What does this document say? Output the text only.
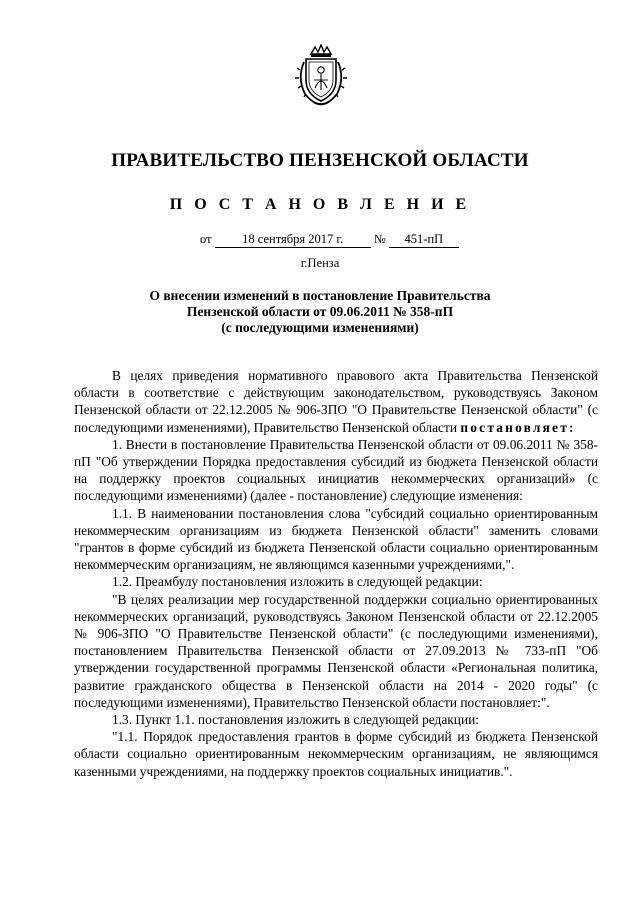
ПРАВИТЕЛЬСТВО ПЕНЗЕНСКОЙ ОБЛАСТИ
П О С Т А Н О В Л Е Н И Е
от 18 сентября 2017 г. № 451-пП
г.Пенза
О внесении изменений в постановление Правительства
Пензенской области от 09.06.2011 № 358-пП
(с последующими изменениями)

В целях приведения нормативного правового акта Правительства Пензенской области в соответствие с действующим законодательством, руководствуясь Законом Пензенской области от 22.12.2005 № 906-ЗПО "О Правительстве Пензенской области" (с последующими изменениями), Правительство Пензенской области постановляет:

1. Внести в постановление Правительства Пензенской области от 09.06.2011 № 358-пП "Об утверждении Порядка предоставления субсидий из бюджета Пензенской области на поддержку проектов социальных инициатив некоммерческих организаций» (с последующими изменениями) (далее - постановление) следующие изменения:

1.1. В наименовании постановления слова "субсидий социально ориентированным некоммерческим организациям из бюджета Пензенской области" заменить словами "грантов в форме субсидий из бюджета Пензенской области социально ориентированным некоммерческим организациям, не являющимся казенными учреждениями,".

1.2. Преамбулу постановления изложить в следующей редакции:

"В целях реализации мер государственной поддержки социально ориентированных некоммерческих организаций, руководствуясь Законом Пензенской области от 22.12.2005 № 906-ЗПО "О Правительстве Пензенской области" (с последующими изменениями), постановлением Правительства Пензенской области от 27.09.2013 № 733-пП "Об утверждении государственной программы Пензенской области «Региональная политика, развитие гражданского общества в Пензенской области на 2014 - 2020 годы" (с последующими изменениями), Правительство Пензенской области постановляет:".

1.3. Пункт 1.1. постановления изложить в следующей редакции:

"1.1. Порядок предоставления грантов в форме субсидий из бюджета Пензенской области социально ориентированным некоммерческим организациям, не являющимся казенными учреждениями, на поддержку проектов социальных инициатив.".
